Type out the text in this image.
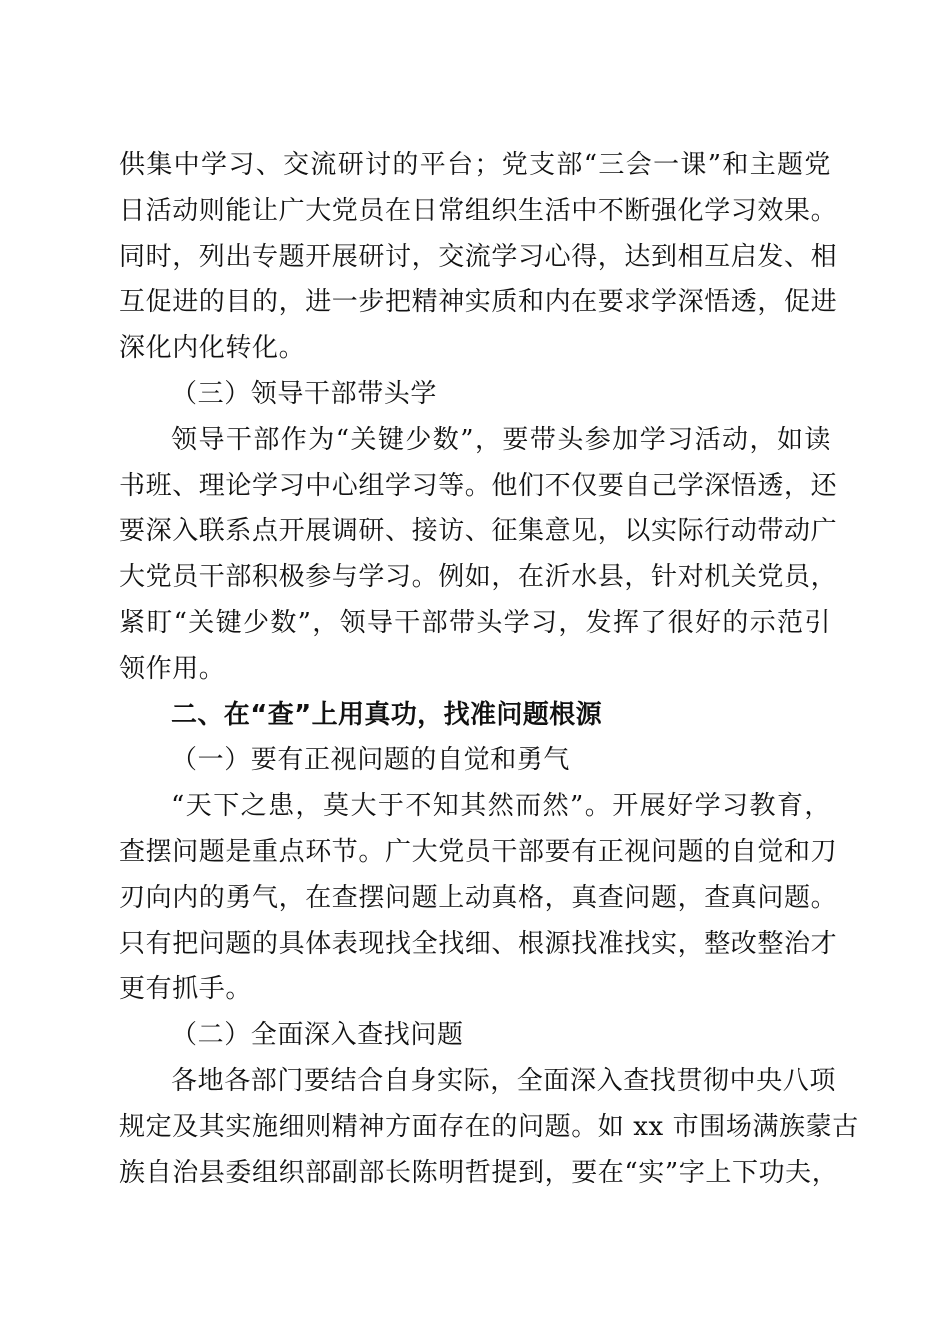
供集中学习、交流研讨的平台；党支部“三会一课”和主题党
日活动则能让广大党员在日常组织生活中不断强化学习效果。
同时，列出专题开展研讨，交流学习心得，达到相互启发、相
互促进的目的，进一步把精神实质和内在要求学深悟透，促进
深化内化转化。
（三）领导干部带头学
领导干部作为“关键少数”，要带头参加学习活动，如读
书班、理论学习中心组学习等。他们不仅要自己学深悟透，还
要深入联系点开展调研、接访、征集意见，以实际行动带动广
大党员干部积极参与学习。例如，在沂水县，针对机关党员，
紧盯“关键少数”，领导干部带头学习，发挥了很好的示范引
领作用。
二、在“查”上用真功，找准问题根源
（一）要有正视问题的自觉和勇气
“天下之患，莫大于不知其然而然”。开展好学习教育，
查摆问题是重点环节。广大党员干部要有正视问题的自觉和刀
刃向内的勇气，在查摆问题上动真格，真查问题，查真问题。
只有把问题的具体表现找全找细、根源找准找实，整改整治才
更有抓手。
（二）全面深入查找问题
各地各部门要结合自身实际，全面深入查找贯彻中央八项
规定及其实施细则精神方面存在的问题。如 xx 市围场满族蒙古
族自治县委组织部副部长陈明哲提到，要在“实”字上下功夫，
